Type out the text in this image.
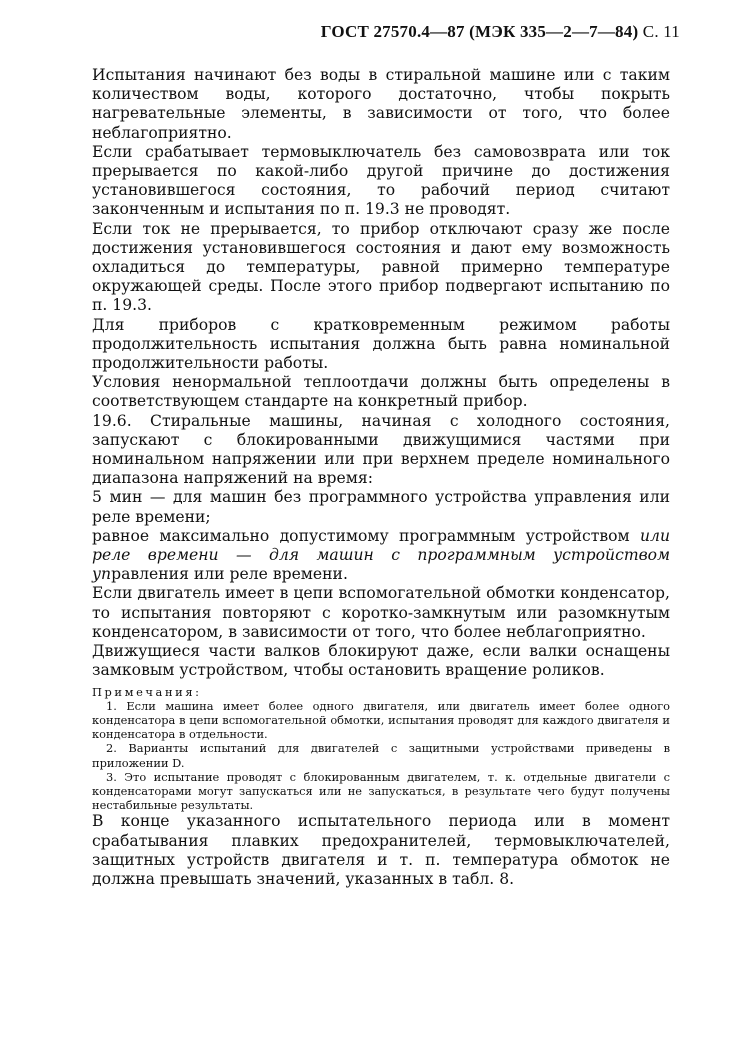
ГОСТ 27570.4—87 (МЭК 335—2—7—84) С. 11

Испытания начинают без воды в стиральной машине или с таким количеством воды, которого достаточно, чтобы покрыть нагревательные элементы, в зависимости от того, что более неблагоприятно.

Если срабатывает термовыключатель без самовозврата или ток прерывается по какой-либо другой причине до достижения установившегося состояния, то рабочий период считают законченным и испытания по п. 19.3 не проводят.

Если ток не прерывается, то прибор отключают сразу же после достижения установившегося состояния и дают ему возможность охладиться до температуры, равной примерно температуре окружающей среды. После этого прибор подвергают испытанию по п. 19.3.

Для приборов с кратковременным режимом работы продолжительность испытания должна быть равна номинальной продолжительности работы.

Условия ненормальной теплоотдачи должны быть определены в соответствующем стандарте на конкретный прибор.

19.6. Стиральные машины, начиная с холодного состояния, запускают с блокированными движущимися частями при номинальном напряжении или при верхнем пределе номинального диапазона напряжений на время:

5 мин — для машин без программного устройства управления или реле времени;

равное максимально допустимому программным устройством или реле времени — для машин с программным устройством управления или реле времени.

Если двигатель имеет в цепи вспомогательной обмотки конденсатор, то испытания повторяют с коротко-замкнутым или разомкнутым конденсатором, в зависимости от того, что более неблагоприятно.

Движущиеся части валков блокируют даже, если валки оснащены замковым устройством, чтобы остановить вращение роликов.

Примечания:

1. Если машина имеет более одного двигателя, или двигатель имеет более одного конденсатора в цепи вспомогательной обмотки, испытания проводят для каждого двигателя и конденсатора в отдельности.

2. Варианты испытаний для двигателей с защитными устройствами приведены в приложении D.

3. Это испытание проводят с блокированным двигателем, т. к. отдельные двигатели с конденсаторами могут запускаться или не запускаться, в результате чего будут получены нестабильные результаты.

В конце указанного испытательного периода или в момент срабатывания плавких предохранителей, термовыключателей, защитных устройств двигателя и т. п. температура обмоток не должна превышать значений, указанных в табл. 8.
